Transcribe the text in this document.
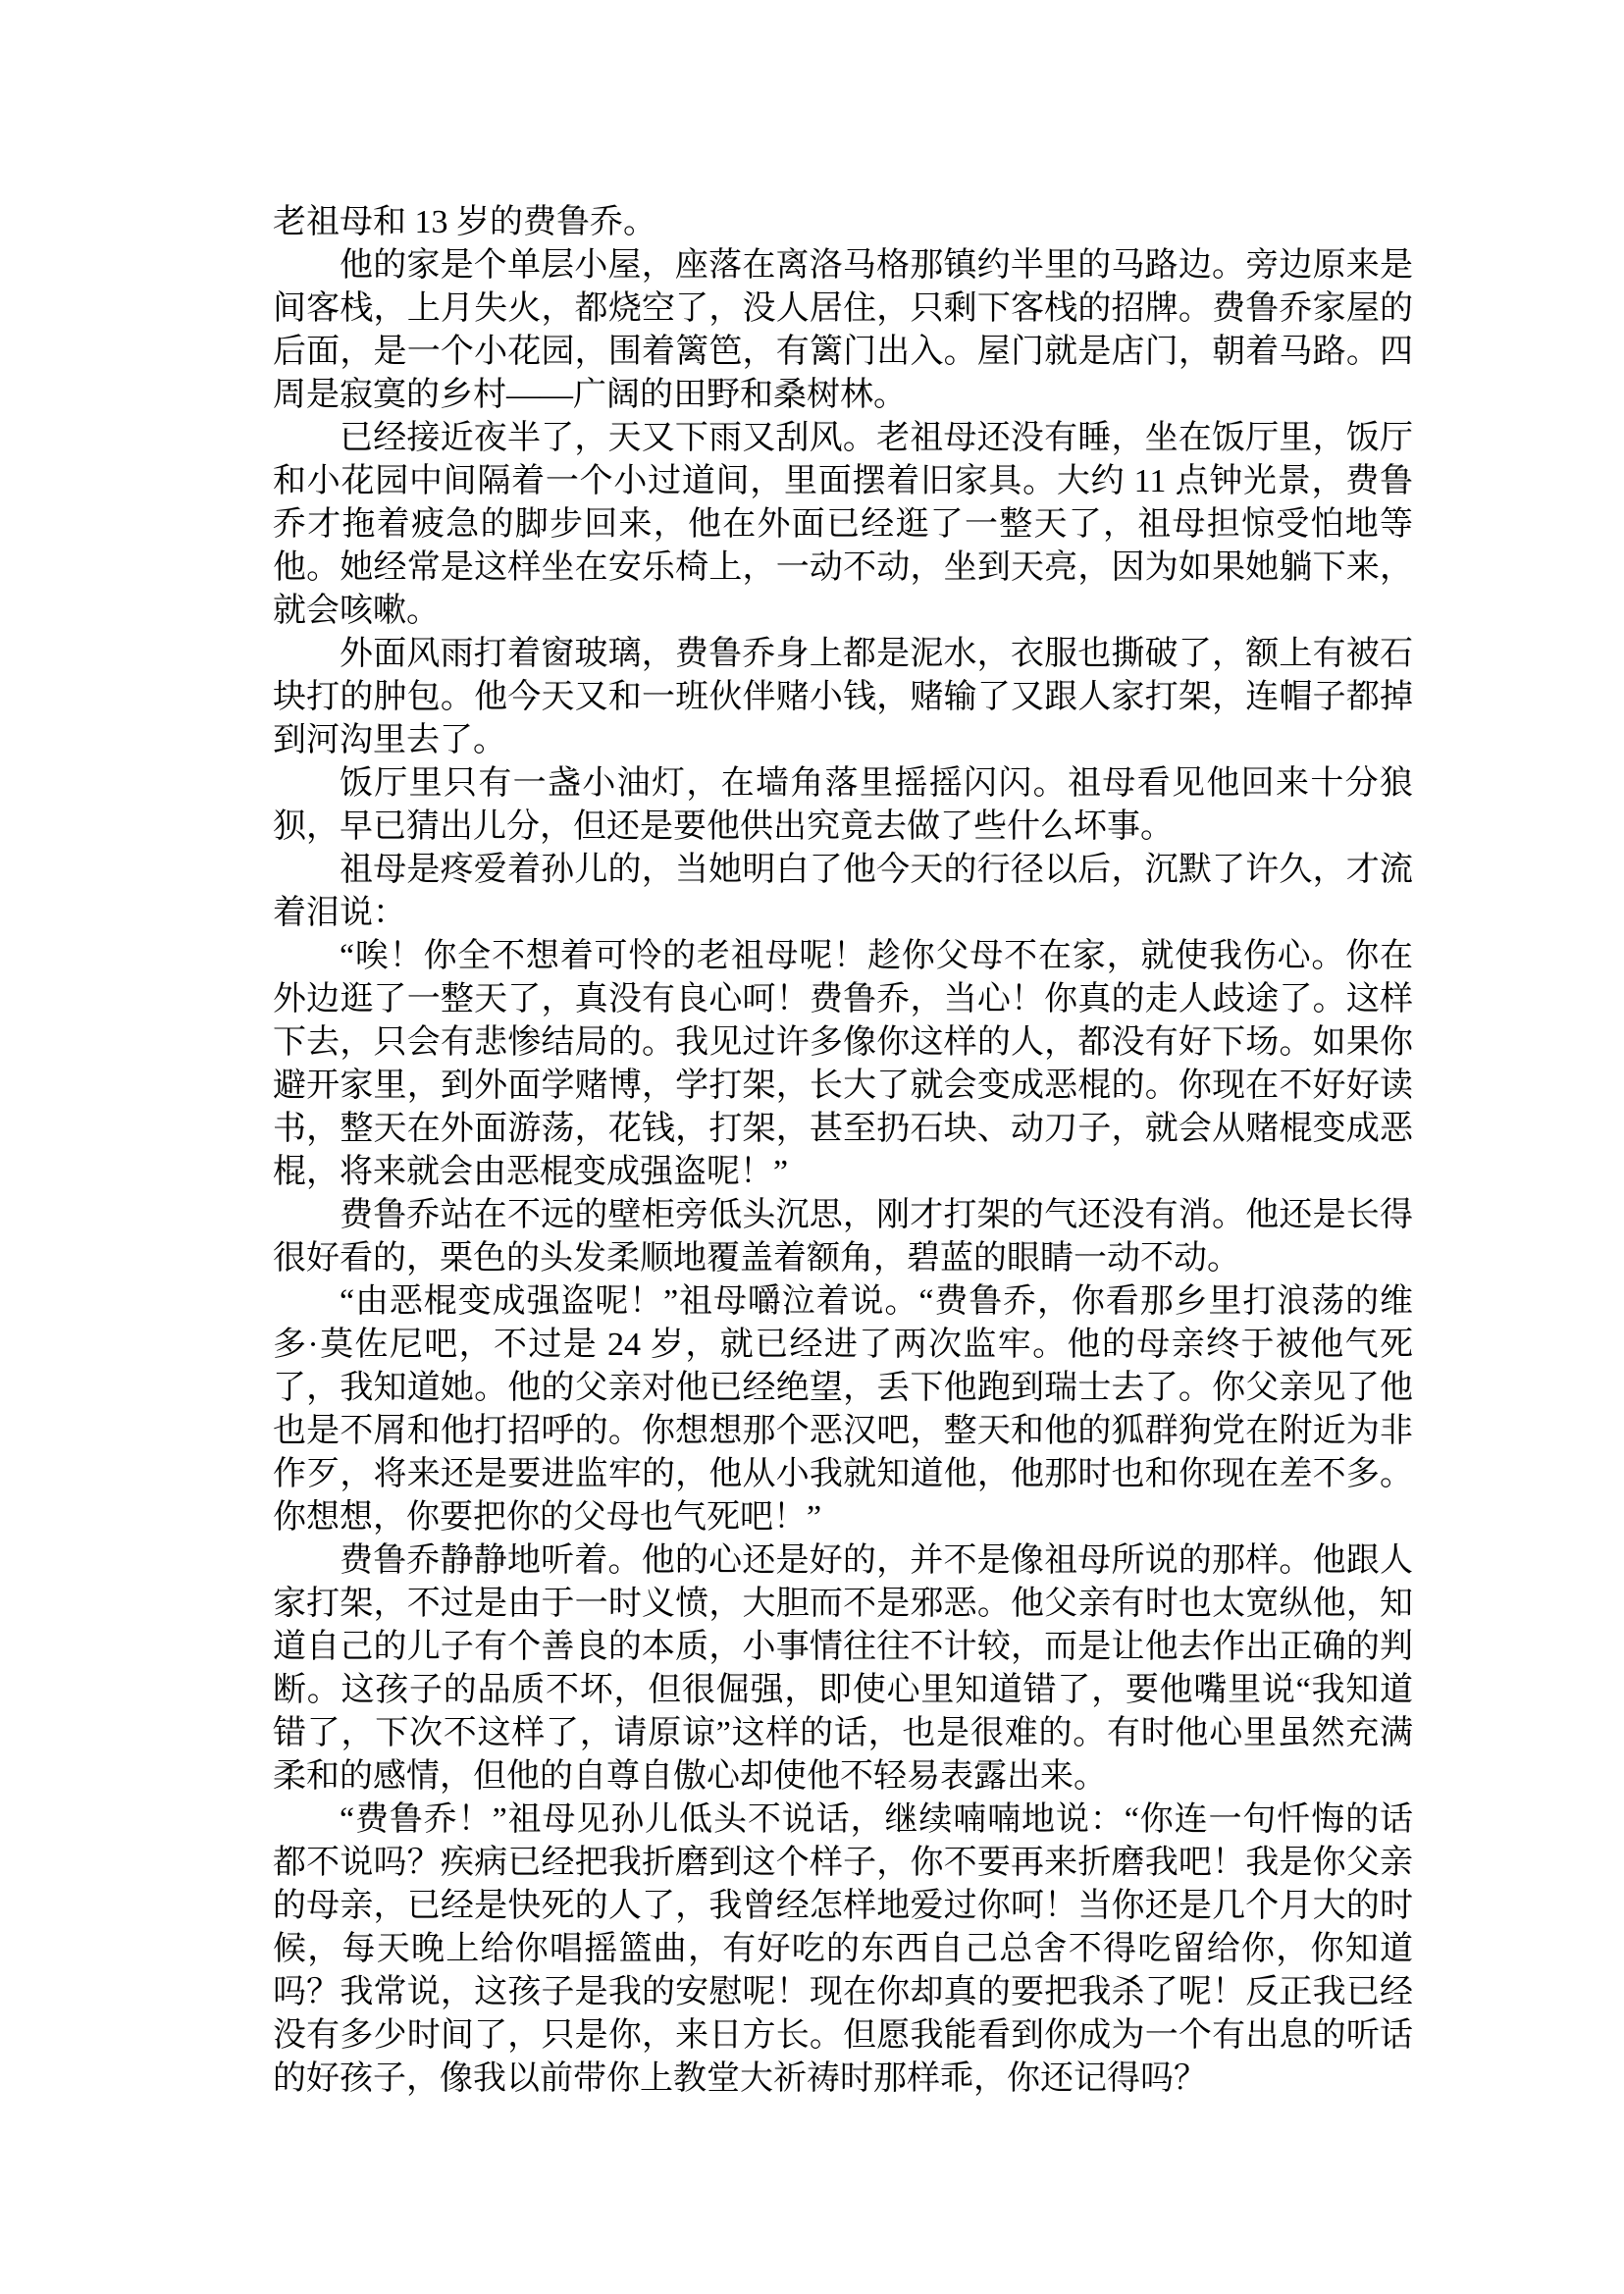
老祖母和 13 岁的费鲁乔。

他的家是个单层小屋，座落在离洛马格那镇约半里的马路边。旁边原来是间客栈，上月失火，都烧空了，没人居住，只剩下客栈的招牌。费鲁乔家屋的后面，是一个小花园，围着篱笆，有篱门出入。屋门就是店门，朝着马路。四周是寂寞的乡村——广阔的田野和桑树林。

已经接近夜半了，天又下雨又刮风。老祖母还没有睡，坐在饭厅里，饭厅和小花园中间隔着一个小过道间，里面摆着旧家具。大约 11 点钟光景，费鲁乔才拖着疲急的脚步回来，他在外面已经逛了一整天了，祖母担惊受怕地等他。她经常是这样坐在安乐椅上，一动不动，坐到天亮，因为如果她躺下来，就会咳嗽。

外面风雨打着窗玻璃，费鲁乔身上都是泥水，衣服也撕破了，额上有被石块打的肿包。他今天又和一班伙伴赌小钱，赌输了又跟人家打架，连帽子都掉到河沟里去了。

饭厅里只有一盏小油灯，在墙角落里摇摇闪闪。祖母看见他回来十分狼狈，早已猜出儿分，但还是要他供出究竟去做了些什么坏事。

祖母是疼爱着孙儿的，当她明白了他今天的行径以后，沉默了许久，才流着泪说：

“唉！你全不想着可怜的老祖母呢！趁你父母不在家，就使我伤心。你在外边逛了一整天了，真没有良心呵！费鲁乔，当心！你真的走人歧途了。这样下去，只会有悲惨结局的。我见过许多像你这样的人，都没有好下场。如果你避开家里，到外面学赌博，学打架，长大了就会变成恶棍的。你现在不好好读书，整天在外面游荡，花钱，打架，甚至扔石块、动刀子，就会从赌棍变成恶棍，将来就会由恶棍变成强盗呢！”

费鲁乔站在不远的壁柜旁低头沉思，刚才打架的气还没有消。他还是长得很好看的，栗色的头发柔顺地覆盖着额角，碧蓝的眼睛一动不动。

“由恶棍变成强盗呢！”祖母嚼泣着说。“费鲁乔，你看那乡里打浪荡的维多·莫佐尼吧，不过是 24 岁，就已经进了两次监牢。他的母亲终于被他气死了，我知道她。他的父亲对他已经绝望，丢下他跑到瑞士去了。你父亲见了他也是不屑和他打招呼的。你想想那个恶汉吧，整天和他的狐群狗党在附近为非作歹，将来还是要进监牢的，他从小我就知道他，他那时也和你现在差不多。你想想，你要把你的父母也气死吧！”

费鲁乔静静地听着。他的心还是好的，并不是像祖母所说的那样。他跟人家打架，不过是由于一时义愤，大胆而不是邪恶。他父亲有时也太宽纵他，知道自己的儿子有个善良的本质，小事情往往不计较，而是让他去作出正确的判断。这孩子的品质不坏，但很倔强，即使心里知道错了，要他嘴里说“我知道错了，下次不这样了，请原谅”这样的话，也是很难的。有时他心里虽然充满柔和的感情，但他的自尊自傲心却使他不轻易表露出来。

“费鲁乔！”祖母见孙儿低头不说话，继续喃喃地说：“你连一句忏悔的话都不说吗？疾病已经把我折磨到这个样子，你不要再来折磨我吧！我是你父亲的母亲，已经是快死的人了，我曾经怎样地爱过你呵！当你还是几个月大的时候，每天晚上给你唱摇篮曲，有好吃的东西自己总舍不得吃留给你，你知道吗？我常说，这孩子是我的安慰呢！现在你却真的要把我杀了呢！反正我已经没有多少时间了，只是你，来日方长。但愿我能看到你成为一个有出息的听话的好孩子，像我以前带你上教堂大祈祷时那样乖，你还记得吗？
